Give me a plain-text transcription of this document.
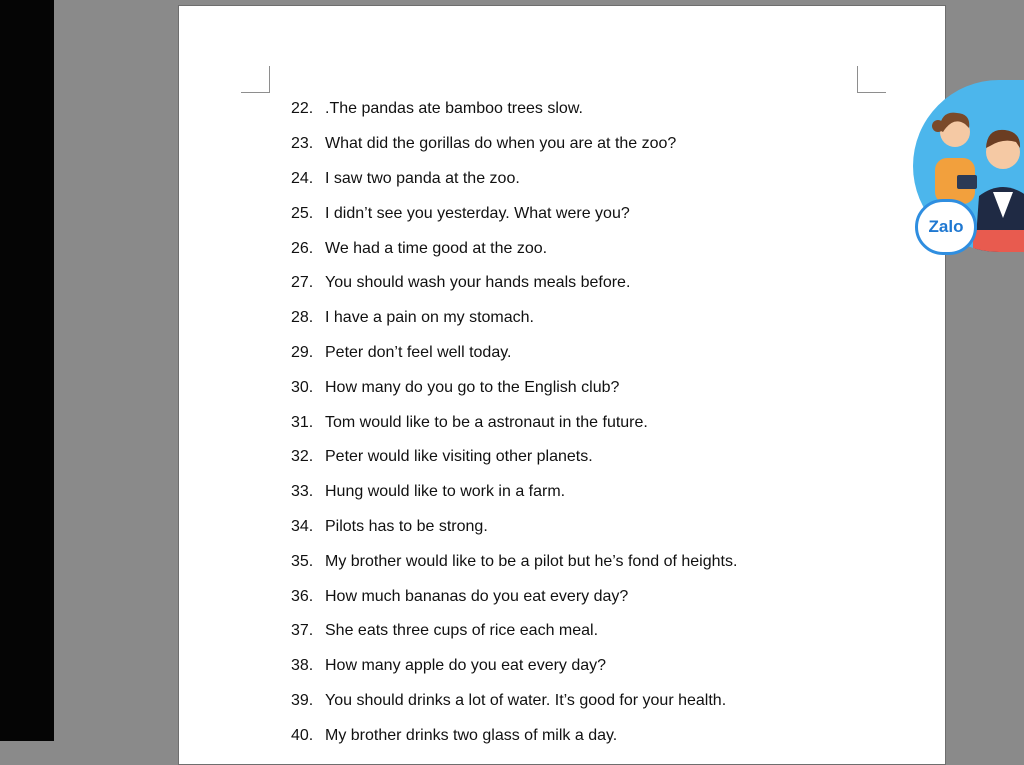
22. .The pandas ate bamboo trees slow.
23. What did the gorillas do when you are at the zoo?
24. I saw two panda at the zoo.
25. I didn’t see you yesterday. What were you?
26. We had a time good at the zoo.
27. You should wash your hands meals before.
28. I have a pain on my stomach.
29. Peter don’t feel well today.
30. How many do you go to the English club?
31. Tom would like to be a astronaut in the future.
32. Peter would like visiting other planets.
33. Hung would like to work in a farm.
34. Pilots has to be strong.
35. My brother would like to be a pilot but he’s fond of heights.
36. How much bananas do you eat every day?
37. She eats three cups of rice each meal.
38. How many apple do you eat every day?
39. You should drinks a lot of water. It’s good for your health.
40. My brother drinks two glass of milk a day.
Zalo
